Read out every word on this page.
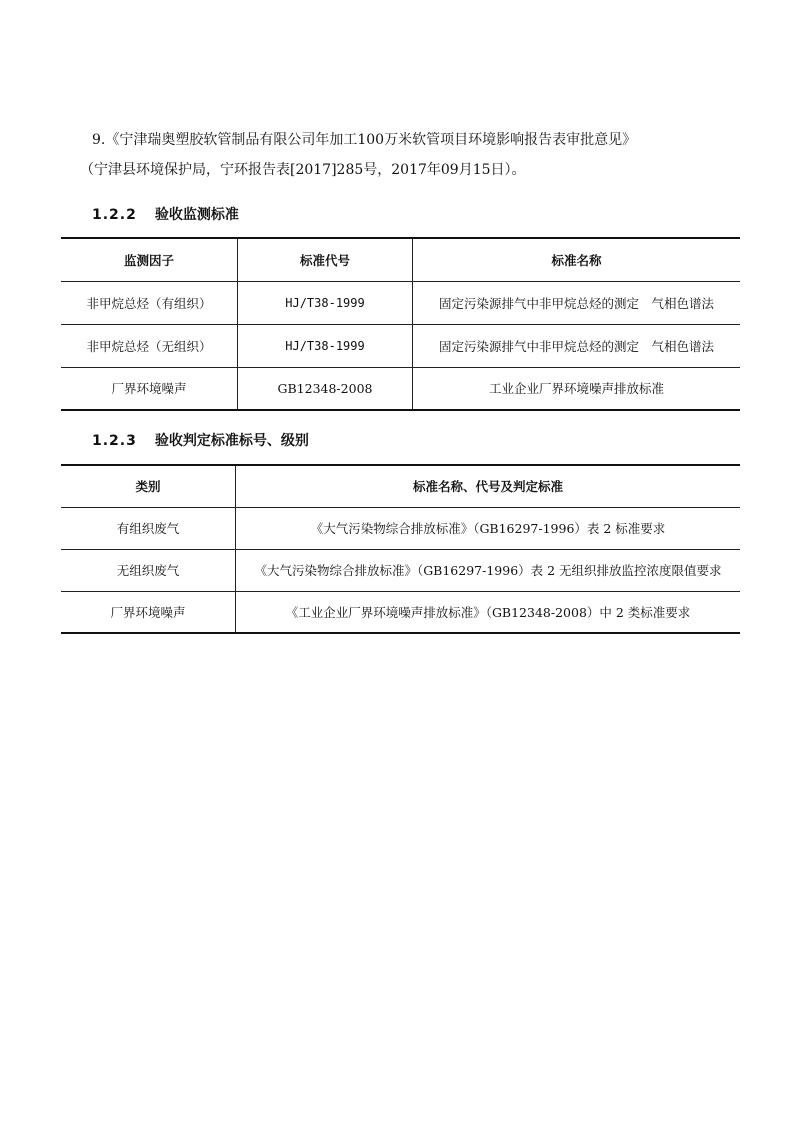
9.《宁津瑞奥塑胶软管制品有限公司年加工100万米软管项目环境影响报告表审批意见》
（宁津县环境保护局，宁环报告表[2017]285号，2017年09月15日）。
1.2.2 验收监测标准
监测因子	标准代号	标准名称
非甲烷总烃（有组织）	HJ/T38-1999	固定污染源排气中非甲烷总烃的测定　气相色谱法
非甲烷总烃（无组织）	HJ/T38-1999	固定污染源排气中非甲烷总烃的测定　气相色谱法
厂界环境噪声	GB12348-2008	工业企业厂界环境噪声排放标准
1.2.3 验收判定标准标号、级别
类别	标准名称、代号及判定标准
有组织废气	《大气污染物综合排放标准》（GB16297-1996）表 2 标准要求
无组织废气	《大气污染物综合排放标准》（GB16297-1996）表 2 无组织排放监控浓度限值要求
厂界环境噪声	《工业企业厂界环境噪声排放标准》（GB12348-2008）中 2 类标准要求
